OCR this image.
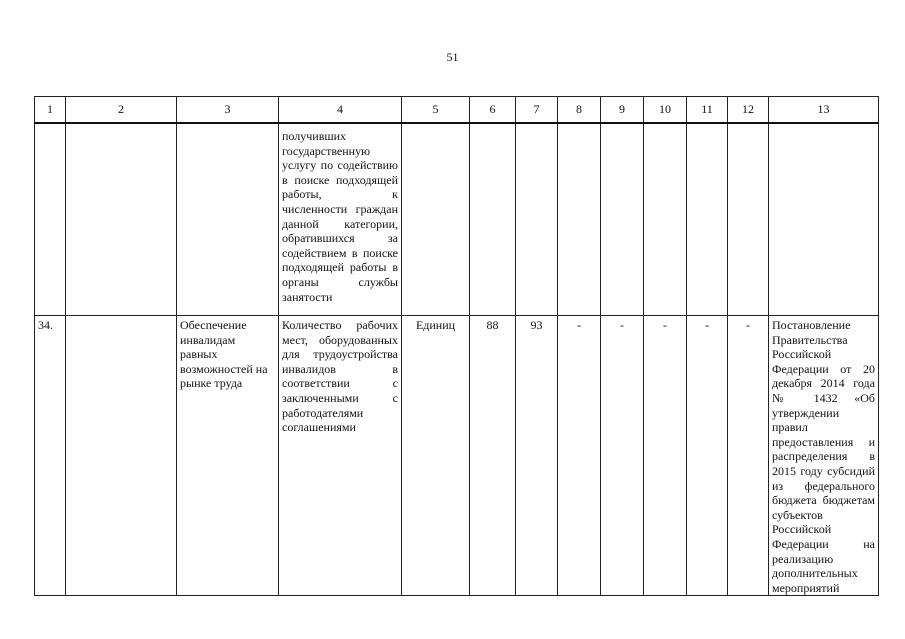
51
1	2	3	4	5	6	7	8	9	10	11	12	13
			получивших государственную услугу по содействию в поиске подходящей работы, к численности граждан данной категории, обратившихся за содействием в поиске подходящей работы в органы службы занятости									
34.		Обеспечение инвалидам равных возможностей на рынке труда	Количество рабочих мест, оборудованных для трудоустройства инвалидов в соответствии с заключенными с работодателями соглашениями	Единиц	88	93	-	-	-	-	-	Постановление Правительства Российской Федерации от 20 декабря 2014 года № 1432 «Об утверждении правил предоставления и распределения в 2015 году субсидий из федерального бюджета бюджетам субъектов Российской Федерации на реализацию дополнительных мероприятий
